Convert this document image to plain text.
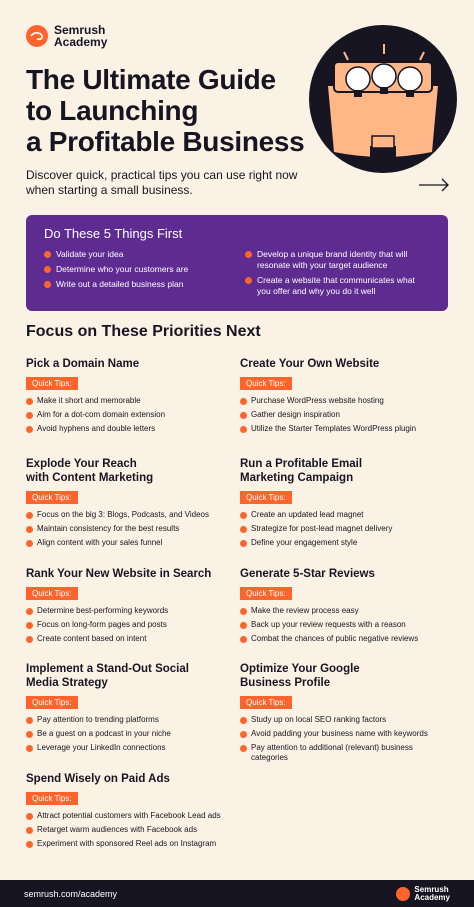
Semrush
Academy
The Ultimate Guide
to Launching
a Profitable Business

Discover quick, practical tips you can use right now when starting a small business.

Do These 5 Things First
Validate your idea
Determine who your customers are
Write out a detailed business plan
Develop a unique brand identity that will resonate with your target audience
Create a website that communicates what you offer and why you do it well
Focus on These Priorities Next
Pick a Domain Name

Quick Tips:
Make it short and memorable
Aim for a dot-com domain extension
Avoid hyphens and double letters
Create Your Own Website

Quick Tips:
Purchase WordPress website hosting
Gather design inspiration
Utilize the Starter Templates WordPress plugin
Explode Your Reach
with Content Marketing
Quick Tips:
Focus on the big 3: Blogs, Podcasts, and Videos
Maintain consistency for the best results
Align content with your sales funnel
Run a Profitable Email
Marketing Campaign
Quick Tips:
Create an updated lead magnet
Strategize for post-lead magnet delivery
Define your engagement style
Rank Your New Website in Search

Quick Tips:
Determine best-performing keywords
Focus on long-form pages and posts
Create content based on intent
Generate 5-Star Reviews

Quick Tips:
Make the review process easy
Back up your review requests with a reason
Combat the chances of public negative reviews
Implement a Stand-Out Social
Media Strategy
Quick Tips:
Pay attention to trending platforms
Be a guest on a podcast in your niche
Leverage your LinkedIn connections
Optimize Your Google
Business Profile
Quick Tips:
Study up on local SEO ranking factors
Avoid padding your business name with keywords
Pay attention to additional (relevant) business categories
Spend Wisely on Paid Ads

Quick Tips:
Attract potential customers with Facebook Lead ads
Retarget warm audiences with Facebook ads
Experiment with sponsored Reel ads on Instagram
semrush.com/academy	Semrush
Academy
